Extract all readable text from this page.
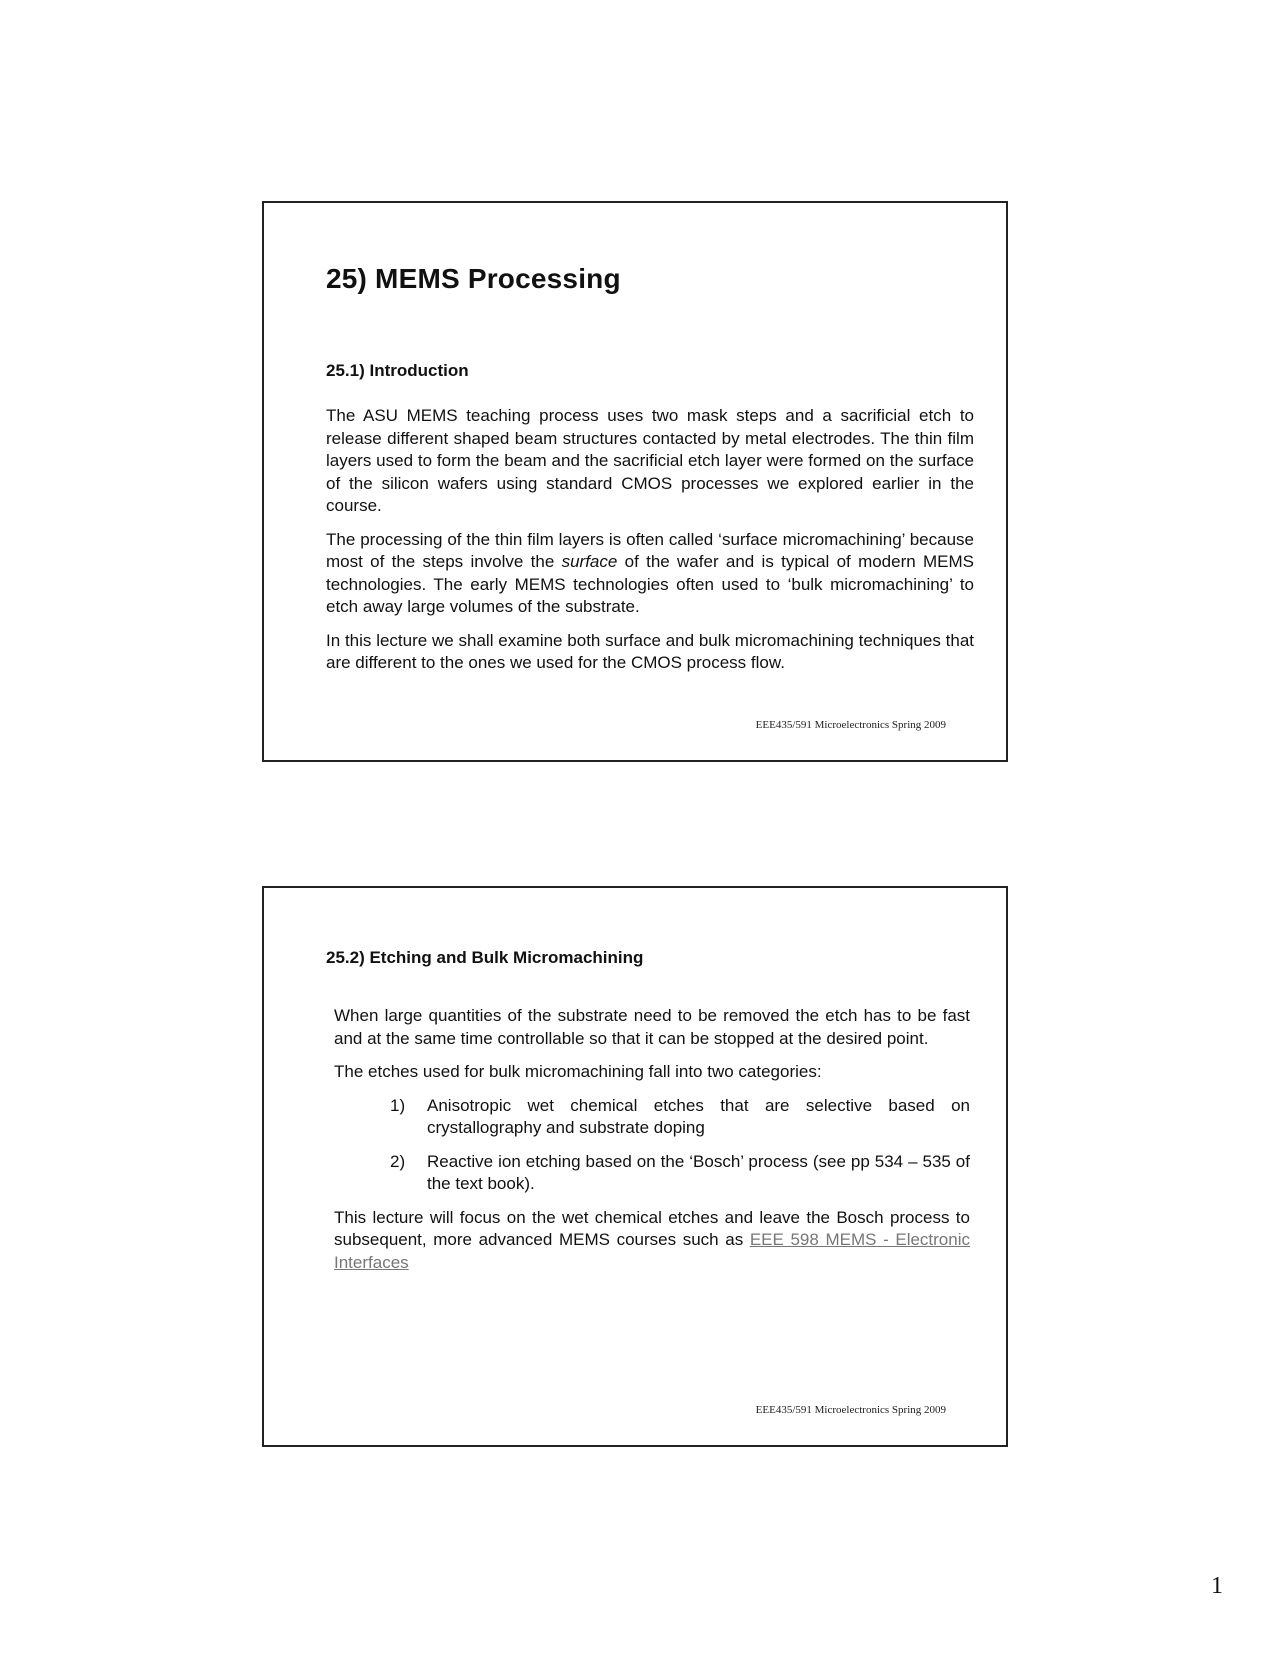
25) MEMS Processing
25.1) Introduction

The ASU MEMS teaching process uses two mask steps and a sacrificial etch to release different shaped beam structures contacted by metal electrodes. The thin film layers used to form the beam and the sacrificial etch layer were formed on the surface of the silicon wafers using standard CMOS processes we explored earlier in the course.

The processing of the thin film layers is often called ‘surface micromachining’ because most of the steps involve the surface of the wafer and is typical of modern MEMS technologies. The early MEMS technologies often used to ‘bulk micromachining’ to etch away large volumes of the substrate.

In this lecture we shall examine both surface and bulk micromachining techniques that are different to the ones we used for the CMOS process flow.

EEE435/591 Microelectronics Spring 2009
25.2) Etching and Bulk Micromachining

When large quantities of the substrate need to be removed the etch has to be fast and at the same time controllable so that it can be stopped at the desired point.

The etches used for bulk micromachining fall into two categories:

1)	Anisotropic wet chemical etches that are selective based on crystallography and substrate doping
2)	Reactive ion etching based on the ‘Bosch’ process (see pp 534 – 535 of the text book).

This lecture will focus on the wet chemical etches and leave the Bosch process to subsequent, more advanced MEMS courses such as EEE 598 MEMS - Electronic Interfaces

EEE435/591 Microelectronics Spring 2009
1
